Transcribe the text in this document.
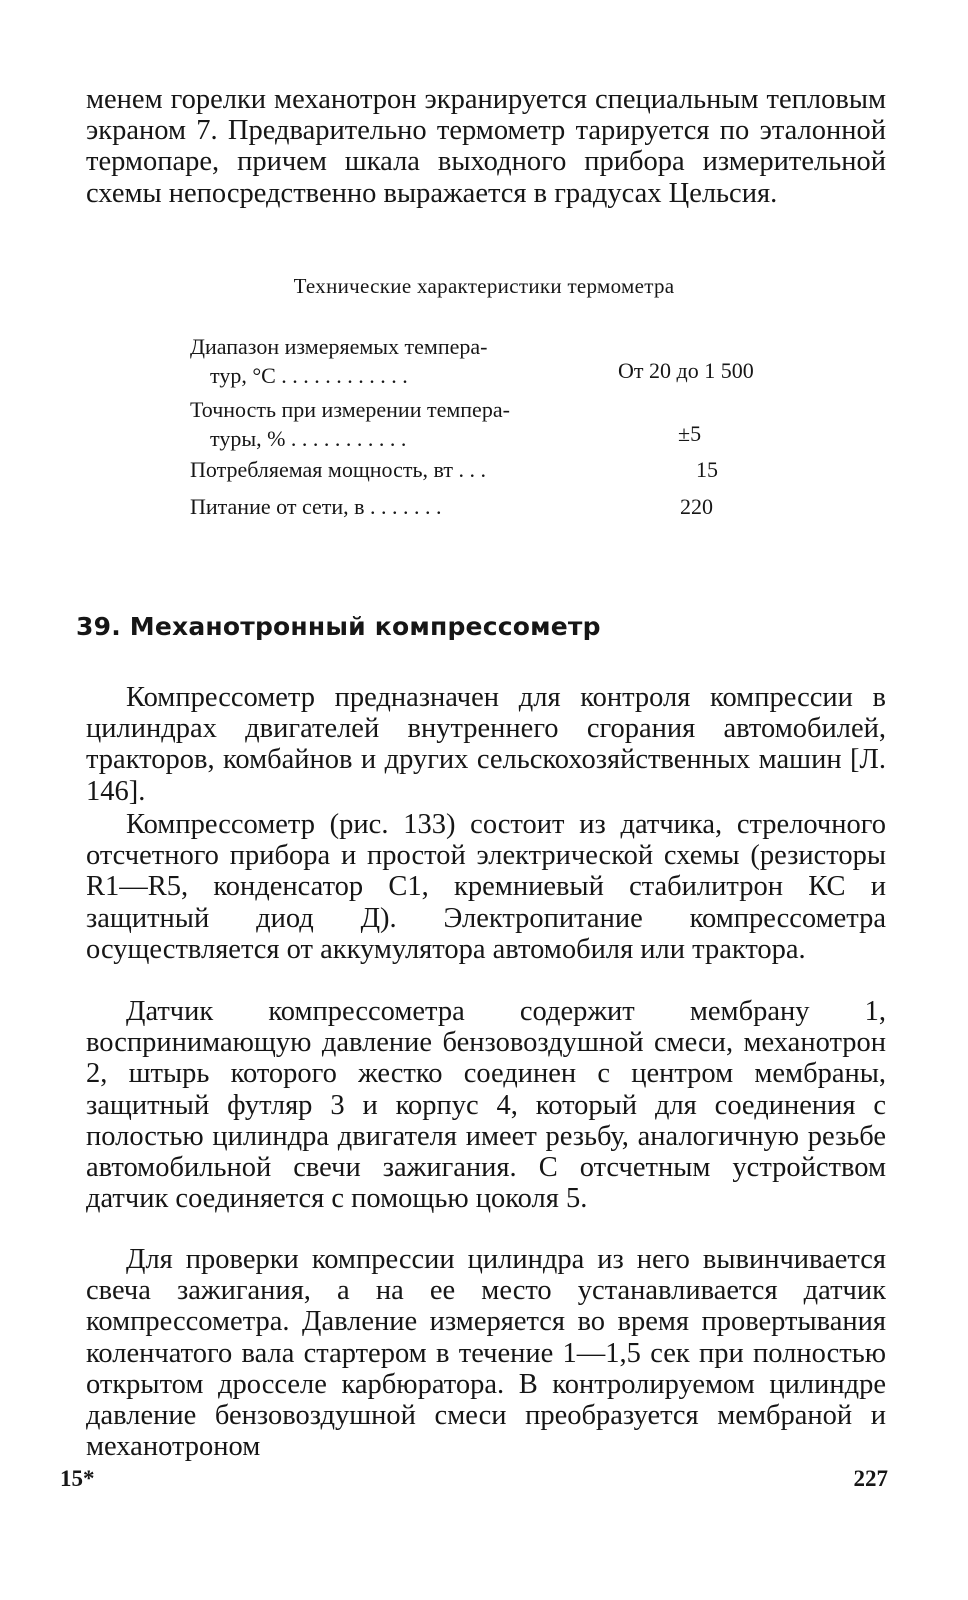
менем горелки механотрон экранируется специальным тепловым экраном 7. Предварительно термометр тарируется по эталонной термопаре, причем шкала выходного прибора измерительной схемы непосредственно выражается в градусах Цельсия.

Технические характеристики термометра
Диапазон измеряемых темпера-
тур, °С . . . . . . . . . . . .	От 20 до 1 500
Точность при измерении темпера-
туры, % . . . . . . . . . . .	±5
Потребляемая мощность, вт . . .	15
Питание от сети, в . . . . . . .	220
39. Механотронный компрессометр

Компрессометр предназначен для контроля компрессии в цилиндрах двигателей внутреннего сгорания автомобилей, тракторов, комбайнов и других сельскохозяйственных машин [Л. 146].

Компрессометр (рис. 133) состоит из датчика, стрелочного отсчетного прибора и простой электрической схемы (резисторы R1—R5, конденсатор C1, кремниевый стабилитрон КС и защитный диод Д). Электропитание компрессометра осуществляется от аккумулятора автомобиля или трактора.

Датчик компрессометра содержит мембрану 1, воспринимающую давление бензовоздушной смеси, механотрон 2, штырь которого жестко соединен с центром мембраны, защитный футляр 3 и корпус 4, который для соединения с полостью цилиндра двигателя имеет резьбу, аналогичную резьбе автомобильной свечи зажигания. С отсчетным устройством датчик соединяется с помощью цоколя 5.

Для проверки компрессии цилиндра из него вывинчивается свеча зажигания, а на ее место устанавливается датчик компрессометра. Давление измеряется во время провертывания коленчатого вала стартером в течение 1—1,5 сек при полностью открытом дросселе карбюратора. В контролируемом цилиндре давление бензовоздушной смеси преобразуется мембраной и механотроном

15*	227
